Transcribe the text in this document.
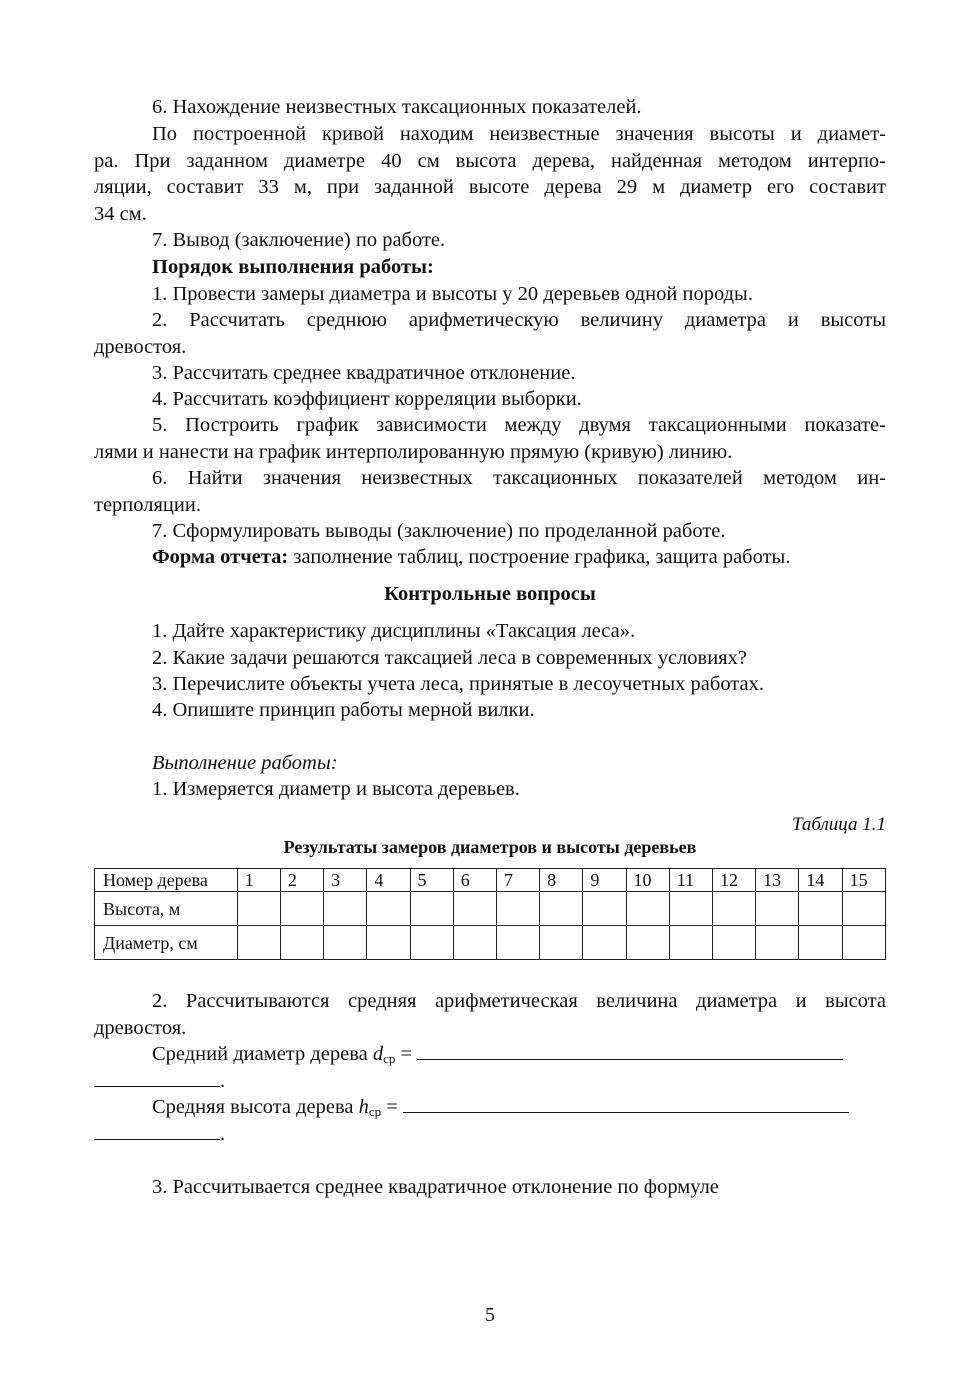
6. Нахождение неизвестных таксационных показателей.

По построенной кривой находим неизвестные значения высоты и диамет-
ра. При заданном диаметре 40 см высота дерева, найденная методом интерпо-
ляции, составит 33 м, при заданной высоте дерева 29 м диаметр его составит
34 см.

7. Вывод (заключение) по работе.

Порядок выполнения работы:

1. Провести замеры диаметра и высоты у 20 деревьев одной породы.

2. Рассчитать среднюю арифметическую величину диаметра и высоты
древостоя.

3. Рассчитать среднее квадратичное отклонение.

4. Рассчитать коэффициент корреляции выборки.

5. Построить график зависимости между двумя таксационными показате-
лями и нанести на график интерполированную прямую (кривую) линию.
6. Найти значения неизвестных таксационных показателей методом ин-
терполяции.

7. Сформулировать выводы (заключение) по проделанной работе.

Форма отчета: заполнение таблиц, построение графика, защита работы.

Контрольные вопросы

1. Дайте характеристику дисциплины «Таксация леса».

2. Какие задачи решаются таксацией леса в современных условиях?

3. Перечислите объекты учета леса, принятые в лесоучетных работах.

4. Опишите принцип работы мерной вилки.

Выполнение работы:

1. Измеряется диаметр и высота деревьев.

Таблица 1.1

Результаты замеров диаметров и высоты деревьев

Номер дерева	1	2	3	4	5	6	7	8	9	10	11	12	13	14	15
Высота, м															
Диаметр, см															
2. Рассчитываются средняя арифметическая величина диаметра и высота
древостоя.
Средний диаметр дерева $d_{ср}$ =
.
Средняя высота дерева $h_{ср}$ =
.

3. Рассчитывается среднее квадратичное отклонение по формуле

5
